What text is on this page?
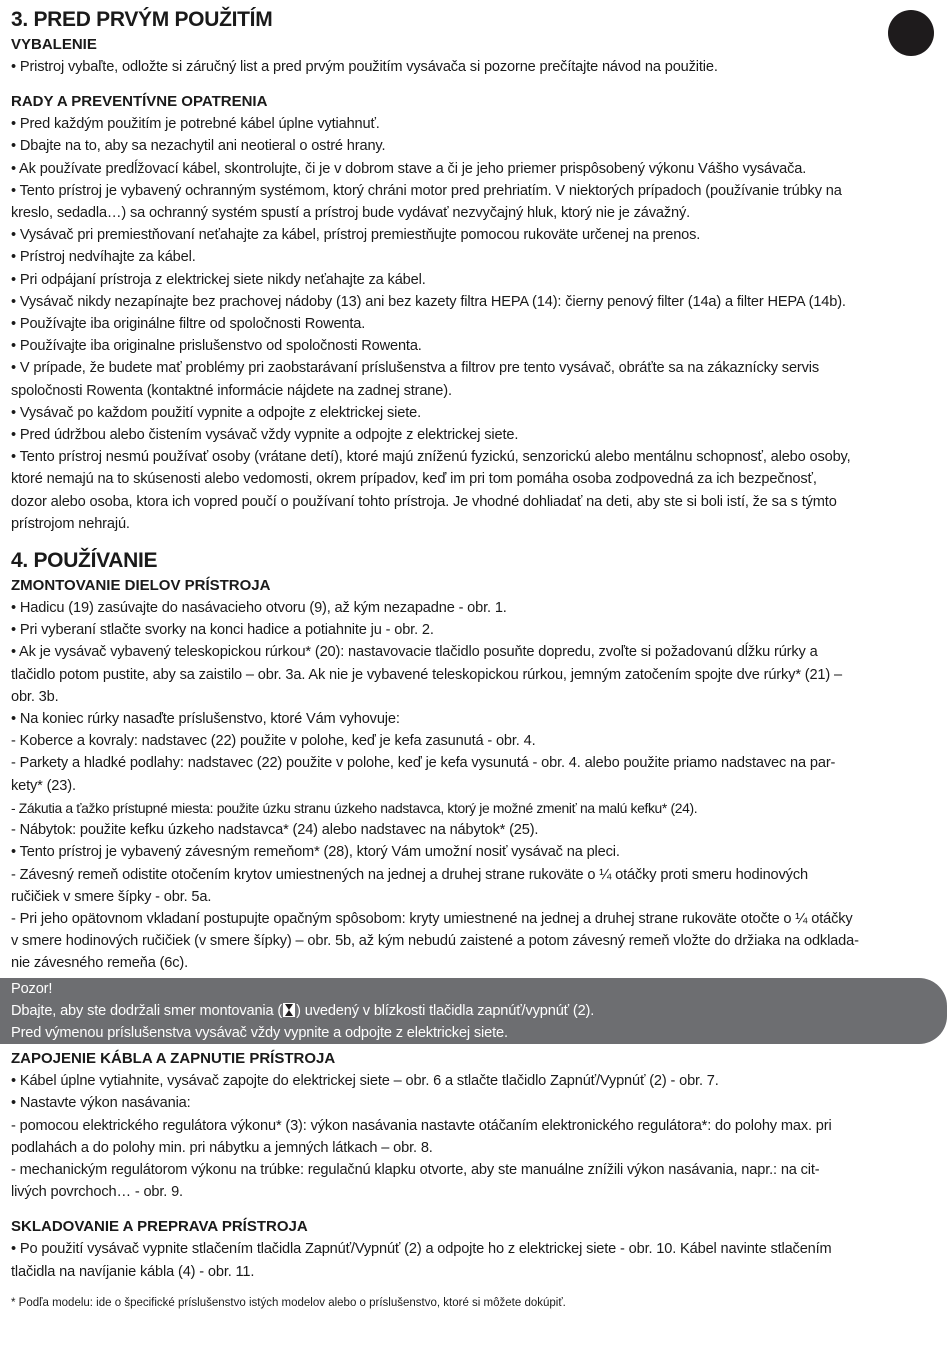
3. PRED PRVÝM POUŽITÍM
VYBALENIE

• Pristroj vybaľte, odložte si záručný list a pred prvým použitím vysávača si pozorne prečítajte návod na použitie.

RADY A PREVENTÍVNE OPATRENIA

• Pred každým použitím je potrebné kábel úplne vytiahnuť.

• Dbajte na to, aby sa nezachytil ani neotieral o ostré hrany.

• Ak používate predĺžovací kábel, skontrolujte, či je v dobrom stave a či je jeho priemer prispôsobený výkonu Vášho vysávača.

• Tento prístroj je vybavený ochranným systémom, ktorý chráni motor pred prehriatím. V niektorých prípadoch (používanie trúbky na

kreslo, sedadla…) sa ochranný systém spustí a prístroj bude vydávať nezvyčajný hluk, ktorý nie je závažný.

• Vysávač pri premiestňovaní neťahajte za kábel, prístroj premiestňujte pomocou rukoväte určenej na prenos.

• Prístroj nedvíhajte za kábel.

• Pri odpájaní prístroja z elektrickej siete nikdy neťahajte za kábel.

• Vysávač nikdy nezapínajte bez prachovej nádoby (13) ani bez kazety filtra HEPA (14): čierny penový filter (14a) a filter HEPA (14b).

• Používajte iba originálne filtre od spoločnosti Rowenta.

• Používajte iba originalne prislušenstvo od spoločnosti Rowenta.

• V prípade, že budete mať problémy pri zaobstarávaní príslušenstva a filtrov pre tento vysávač, obráťte sa na zákaznícky servis

spoločnosti Rowenta (kontaktné informácie nájdete na zadnej strane).

• Vysávač po každom použití vypnite a odpojte z elektrickej siete.

• Pred údržbou alebo čistením vysávač vždy vypnite a odpojte z elektrickej siete.

• Tento prístroj nesmú používať osoby (vrátane detí), ktoré majú zníženú fyzickú, senzorickú alebo mentálnu schopnosť, alebo osoby,

ktoré nemajú na to skúsenosti alebo vedomosti, okrem prípadov, keď im pri tom pomáha osoba zodpovedná za ich bezpečnosť,

dozor alebo osoba, ktora ich vopred poučí o používaní tohto prístroja. Je vhodné dohliadať na deti, aby ste si boli istí, že sa s týmto

prístrojom nehrajú.

4. POUŽÍVANIE
ZMONTOVANIE DIELOV PRÍSTROJA

• Hadicu (19) zasúvajte do nasávacieho otvoru (9), až kým nezapadne - obr. 1.

• Pri vyberaní stlačte svorky na konci hadice a potiahnite ju - obr. 2.

• Ak je vysávač vybavený teleskopickou rúrkou* (20): nastavovacie tlačidlo posuňte dopredu, zvoľte si požadovanú dĺžku rúrky a

tlačidlo potom pustite, aby sa zaistilo – obr. 3a. Ak nie je vybavené teleskopickou rúrkou, jemným zatočením spojte dve rúrky* (21) –

obr. 3b.

• Na koniec rúrky nasaďte príslušenstvo, ktoré Vám vyhovuje:

- Koberce a kovraly: nadstavec (22) použite v polohe, keď je kefa zasunutá - obr. 4.

- Parkety a hladké podlahy: nadstavec (22) použite v polohe, keď je kefa vysunutá - obr. 4. alebo použite priamo nadstavec na par-

kety* (23).

- Zákutia a ťažko prístupné miesta: použite úzku stranu úzkeho nadstavca, ktorý je možné zmeniť na malú kefku* (24).

- Nábytok: použite kefku úzkeho nadstavca* (24) alebo nadstavec na nábytok* (25).

• Tento prístroj je vybavený závesným remeňom* (28), ktorý Vám umožní nosiť vysávač na pleci.

- Závesný remeň odistite otočením krytov umiestnených na jednej a druhej strane rukoväte o ¼ otáčky proti smeru hodinových

ručičiek v smere šípky - obr. 5a.

- Pri jeho opätovnom vkladaní postupujte opačným spôsobom: kryty umiestnené na jednej a druhej strane rukoväte otočte o ¼ otáčky

v smere hodinových ručičiek (v smere šípky) – obr. 5b, až kým nebudú zaistené a potom závesný remeň vložte do držiaka na odklada-

nie závesného remeňa (6c).

Pozor!

Dbajte, aby ste dodržali smer montovania ( ) uvedený v blízkosti tlačidla zapnúť/vypnúť (2).

Pred výmenou príslušenstva vysávač vždy vypnite a odpojte z elektrickej siete.

ZAPOJENIE KÁBLA A ZAPNUTIE PRÍSTROJA

• Kábel úplne vytiahnite, vysávač zapojte do elektrickej siete – obr. 6 a stlačte tlačidlo Zapnúť/Vypnúť (2) - obr. 7.

• Nastavte výkon nasávania:

- pomocou elektrického regulátora výkonu* (3): výkon nasávania nastavte otáčaním elektronického regulátora*: do polohy max. pri

podlahách a do polohy min. pri nábytku a jemných látkach – obr. 8.

- mechanickým regulátorom výkonu na trúbke: regulačnú klapku otvorte, aby ste manuálne znížili výkon nasávania, napr.: na cit-

livých povrchoch… - obr. 9.

SKLADOVANIE A PREPRAVA PRÍSTROJA

• Po použití vysávač vypnite stlačením tlačidla Zapnúť/Vypnúť (2) a odpojte ho z elektrickej siete - obr. 10. Kábel navinte stlačením

tlačidla na navíjanie kábla (4) - obr. 11.

* Podľa modelu: ide o špecifické príslušenstvo istých modelov alebo o príslušenstvo, ktoré si môžete dokúpiť.
